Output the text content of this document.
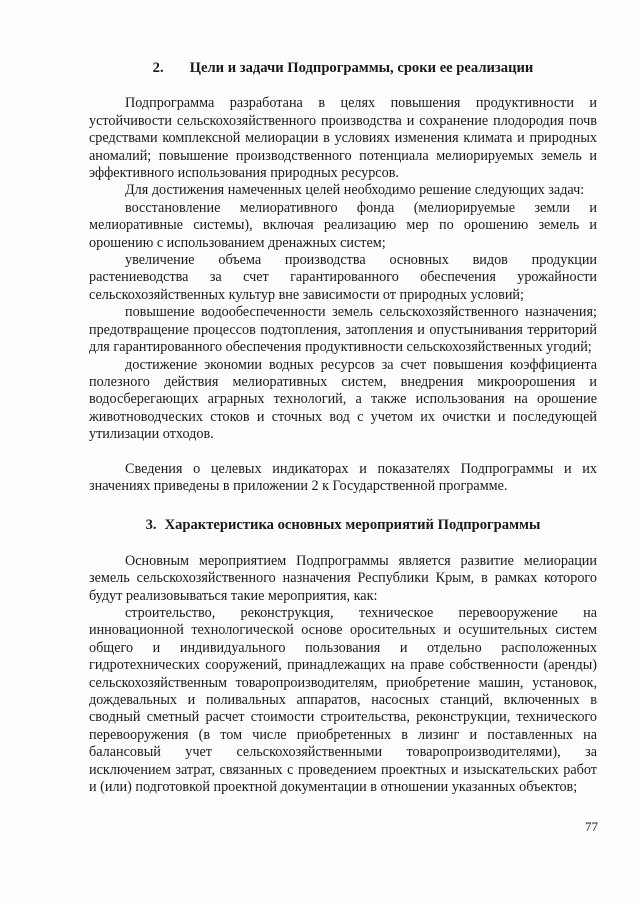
2. Цели и задачи Подпрограммы, сроки ее реализации

Подпрограмма разработана в целях повышения продуктивности и устойчивости сельскохозяйственного производства и сохранение плодородия почв средствами комплексной мелиорации в условиях изменения климата и природных аномалий; повышение производственного потенциала мелиорируемых земель и эффективного использования природных ресурсов.

Для достижения намеченных целей необходимо решение следующих задач:

восстановление мелиоративного фонда (мелиорируемые земли и мелиоративные системы), включая реализацию мер по орошению земель и орошению с использованием дренажных систем;

увеличение объема производства основных видов продукции растениеводства за счет гарантированного обеспечения урожайности сельскохозяйственных культур вне зависимости от природных условий;

повышение водообеспеченности земель сельскохозяйственного назначения; предотвращение процессов подтопления, затопления и опустынивания территорий для гарантированного обеспечения продуктивности сельскохозяйственных угодий;

достижение экономии водных ресурсов за счет повышения коэффициента полезного действия мелиоративных систем, внедрения микроорошения и водосберегающих аграрных технологий, а также использования на орошение животноводческих стоков и сточных вод с учетом их очистки и последующей утилизации отходов.

Сведения о целевых индикаторах и показателях Подпрограммы и их значениях приведены в приложении 2 к Государственной программе.

3. Характеристика основных мероприятий Подпрограммы

Основным мероприятием Подпрограммы является развитие мелиорации земель сельскохозяйственного назначения Республики Крым, в рамках которого будут реализовываться такие мероприятия, как:

строительство, реконструкция, техническое перевооружение на инновационной технологической основе оросительных и осушительных систем общего и индивидуального пользования и отдельно расположенных гидротехнических сооружений, принадлежащих на праве собственности (аренды) сельскохозяйственным товаропроизводителям, приобретение машин, установок, дождевальных и поливальных аппаратов, насосных станций, включенных в сводный сметный расчет стоимости строительства, реконструкции, технического перевооружения (в том числе приобретенных в лизинг и поставленных на балансовый учет сельскохозяйственными товаропроизводителями), за исключением затрат, связанных с проведением проектных и изыскательских работ и (или) подготовкой проектной документации в отношении указанных объектов;

77
